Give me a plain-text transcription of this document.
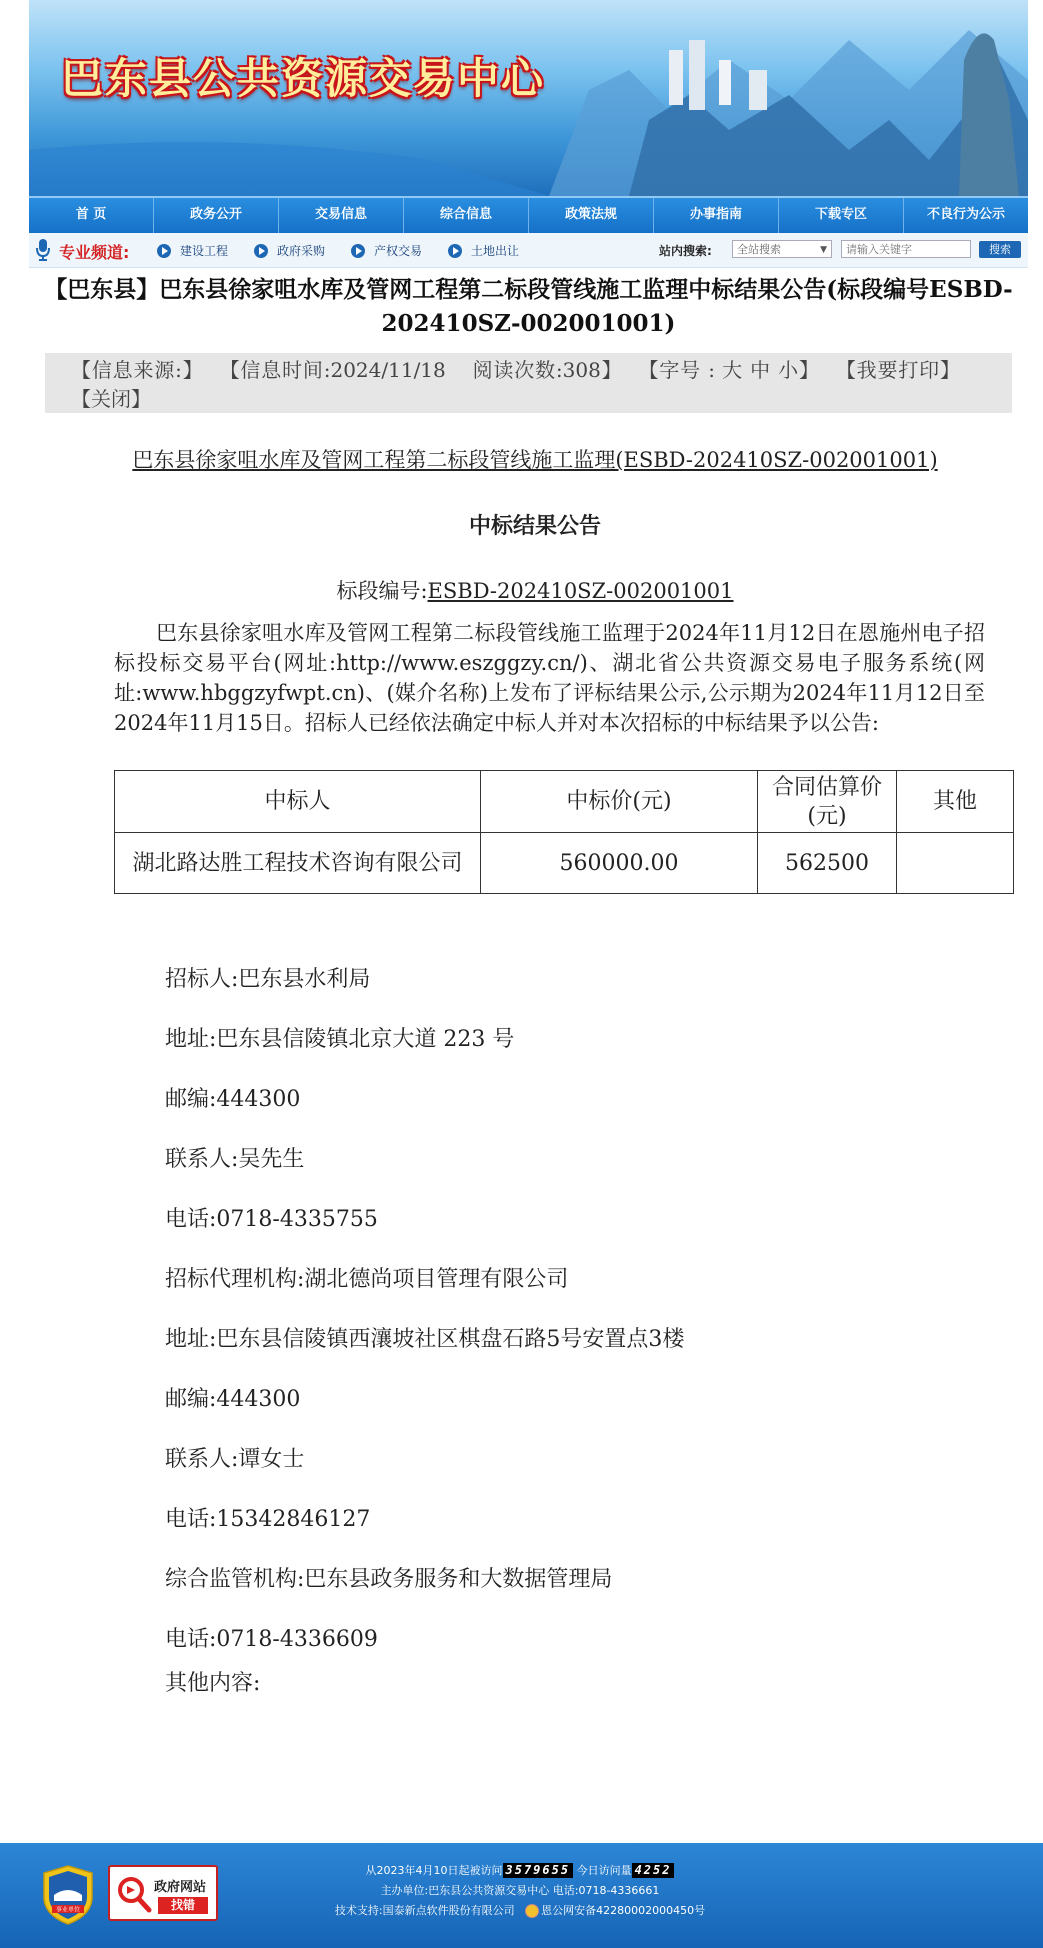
巴东县公共资源交易中心
首 页	政务公开	交易信息	综合信息	政策法规	办事指南	下载专区	不良行为公示
专业频道:	建设工程	政府采购	产权交易	土地出让	站内搜索:	全站搜索	▼
请输入关键字	搜索
【巴东县】巴东县徐家咀水库及管网工程第二标段管线施工监理中标结果公告(标段编号ESBD-202410SZ-002001001)
【信息来源:】 【信息时间:2024/11/18 阅读次数:308】 【字号 : 大 中 小】 【我要打印】【关闭】
巴东县徐家咀水库及管网工程第二标段管线施工监理(ESBD-202410SZ-002001001)
中标结果公告
标段编号:ESBD-202410SZ-002001001

巴东县徐家咀水库及管网工程第二标段管线施工监理于2024年11月12日在恩施州电子招标投标交易平台(网址:http://www.eszggzy.cn/)、湖北省公共资源交易电子服务系统(网址:www.hbggzyfwpt.cn)、(媒介名称)上发布了评标结果公示,公示期为2024年11月12日至2024年11月15日。招标人已经依法确定中标人并对本次招标的中标结果予以公告:

中标人	中标价(元)	合同估算价(元)	其他
湖北路达胜工程技术咨询有限公司	560000.00	562500	
招标人:巴东县水利局
地址:巴东县信陵镇北京大道 223 号
邮编:444300
联系人:吴先生
电话:0718-4335755
招标代理机构:湖北德尚项目管理有限公司
地址:巴东县信陵镇西瀼坡社区棋盘石路5号安置点3楼
邮编:444300
联系人:谭女士
电话:15342846127
综合监管机构:巴东县政务服务和大数据管理局
电话:0718-4336609
其他内容:
事业单位
政府网站
找错
从2023年4月10日起被访问 3579655 今日访问量 4252
主办单位:巴东县公共资源交易中心 电话:0718-4336661
技术支持:国泰新点软件股份有限公司 恩公网安备42280002000450号
